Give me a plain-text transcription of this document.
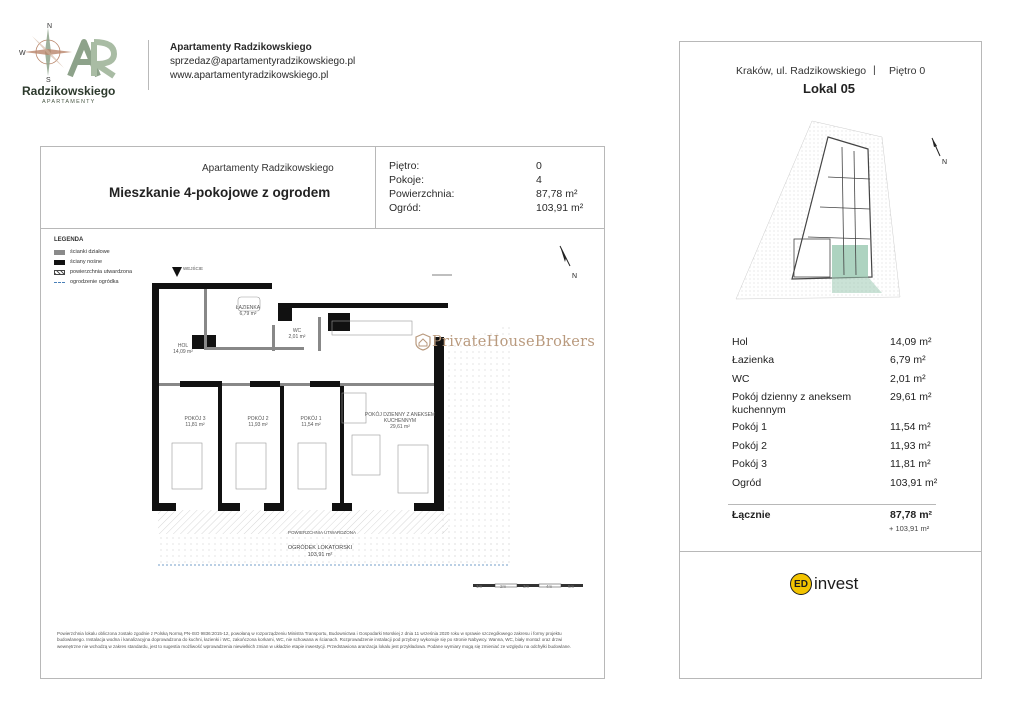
N
W
S
Radzikowskiego
APARTAMENTY
Apartamenty Radzikowskiego
sprzedaz@apartamentyradzikowskiego.pl
www.apartamentyradzikowskiego.pl
Apartamenty Radzikowskiego
Mieszkanie 4-pokojowe z ogrodem
Piętro:	0
Pokoje:	4
Powierzchnia:	87,78 m²
Ogród:	103,91 m²
LEGENDA
ścianki działowe
ściany nośne
powierzchnia utwardzona
ogrodzenie ogródka
N
ŁAZIENKA
6,79 m²
HOL
14,09 m²
WC
2,01 m²
POKÓJ 3
11,81 m²
POKÓJ 2
11,93 m²
POKÓJ 1
11,54 m²
POKÓJ DZIENNY Z ANEKSEM KUCHENNYM
29,61 m²
POWIERZCHNIA UTWARDZONA
WEJŚCIE
OGRÓDEK LOKATORSKI
103,91 m²
PrivateHouseBrokers
1m	2m	3m	4m	5m
Powierzchnia lokalu obliczona zostało zgodnie z Polską Normą PN-ISO 9836:2015-12, powołaną w rozporządzeniu Ministra Transportu, Budownictwa i Gospodarki Morskiej z dnia 11 września 2020 roku w sprawie szczegółowego zakresu i formy projektu budowlanego. Instalacja wodna i kanalizacyjna doprowadzona do kuchni, łazienki i WC, zakończona korkami, WC, nie schowana w ścianach. Rozprowadzenie instalacji pod przybory wykonuje się po stronie Nabywcy. Wanna, WC, biały montaż oraz drzwi wewnętrzne nie wchodzą w zakres standardu, jest to sugestia możliwość wprowadzenia niewielkich zmian w układzie etapie inwestycji. Przedstawiona aranżacja lokalu jest przykładowa. Podane wymiary mogą się zmieniać ze względu na odchyłki budowlane.
Kraków, ul. Radzikowskiego | Piętro 0
Lokal 05
N
Hol	14,09 m²
Łazienka	6,79 m²
WC	2,01 m²
Pokój dzienny z aneksem kuchennym
29,61 m²
Pokój 1	11,54 m²
Pokój 2	11,93 m²
Pokój 3	11,81 m²
Ogród	103,91 m²
Łącznie	87,78 m²
+ 103,91 m²
ED invest
